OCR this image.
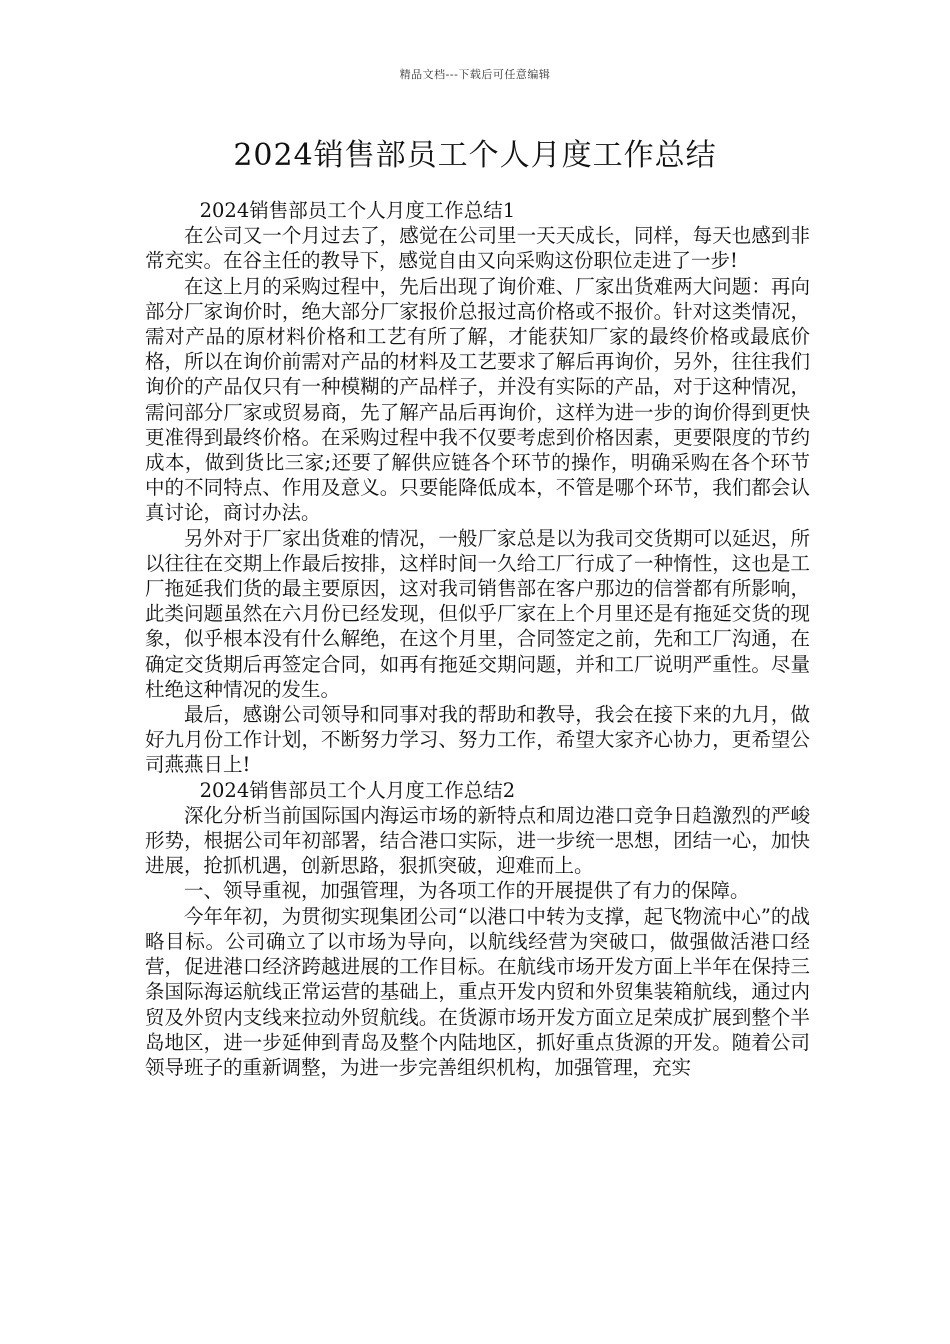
精品文档---下载后可任意编辑
2024销售部员工个人月度工作总结

2024销售部员工个人月度工作总结1

在公司又一个月过去了，感觉在公司里一天天成长，同样，每天也感到非常充实。在谷主任的教导下，感觉自由又向采购这份职位走进了一步!

在这上月的采购过程中，先后出现了询价难、厂家出货难两大问题：再向部分厂家询价时，绝大部分厂家报价总报过高价格或不报价。针对这类情况，需对产品的原材料价格和工艺有所了解，才能获知厂家的最终价格或最底价格，所以在询价前需对产品的材料及工艺要求了解后再询价，另外，往往我们询价的产品仅只有一种模糊的产品样子，并没有实际的产品，对于这种情况，需问部分厂家或贸易商，先了解产品后再询价，这样为进一步的询价得到更快更准得到最终价格。在采购过程中我不仅要考虑到价格因素，更要限度的节约成本，做到货比三家;还要了解供应链各个环节的操作，明确采购在各个环节中的不同特点、作用及意义。只要能降低成本，不管是哪个环节，我们都会认真讨论，商讨办法。

另外对于厂家出货难的情况，一般厂家总是以为我司交货期可以延迟，所以往往在交期上作最后按排，这样时间一久给工厂行成了一种惰性，这也是工厂拖延我们货的最主要原因，这对我司销售部在客户那边的信誉都有所影响，此类问题虽然在六月份已经发现，但似乎厂家在上个月里还是有拖延交货的现象，似乎根本没有什么解绝，在这个月里，合同签定之前，先和工厂沟通，在确定交货期后再签定合同，如再有拖延交期问题，并和工厂说明严重性。尽量杜绝这种情况的发生。

最后，感谢公司领导和同事对我的帮助和教导，我会在接下来的九月，做好九月份工作计划，不断努力学习、努力工作，希望大家齐心协力，更希望公司燕燕日上!

2024销售部员工个人月度工作总结2

深化分析当前国际国内海运市场的新特点和周边港口竞争日趋激烈的严峻形势，根据公司年初部署，结合港口实际，进一步统一思想，团结一心，加快进展，抢抓机遇，创新思路，狠抓突破，迎难而上。

一、领导重视，加强管理，为各项工作的开展提供了有力的保障。

今年年初，为贯彻实现集团公司“以港口中转为支撑，起飞物流中心”的战略目标。公司确立了以市场为导向，以航线经营为突破口，做强做活港口经营，促进港口经济跨越进展的工作目标。在航线市场开发方面上半年在保持三条国际海运航线正常运营的基础上，重点开发内贸和外贸集装箱航线，通过内贸及外贸内支线来拉动外贸航线。在货源市场开发方面立足荣成扩展到整个半岛地区，进一步延伸到青岛及整个内陆地区，抓好重点货源的开发。随着公司领导班子的重新调整，为进一步完善组织机构，加强管理，充实
